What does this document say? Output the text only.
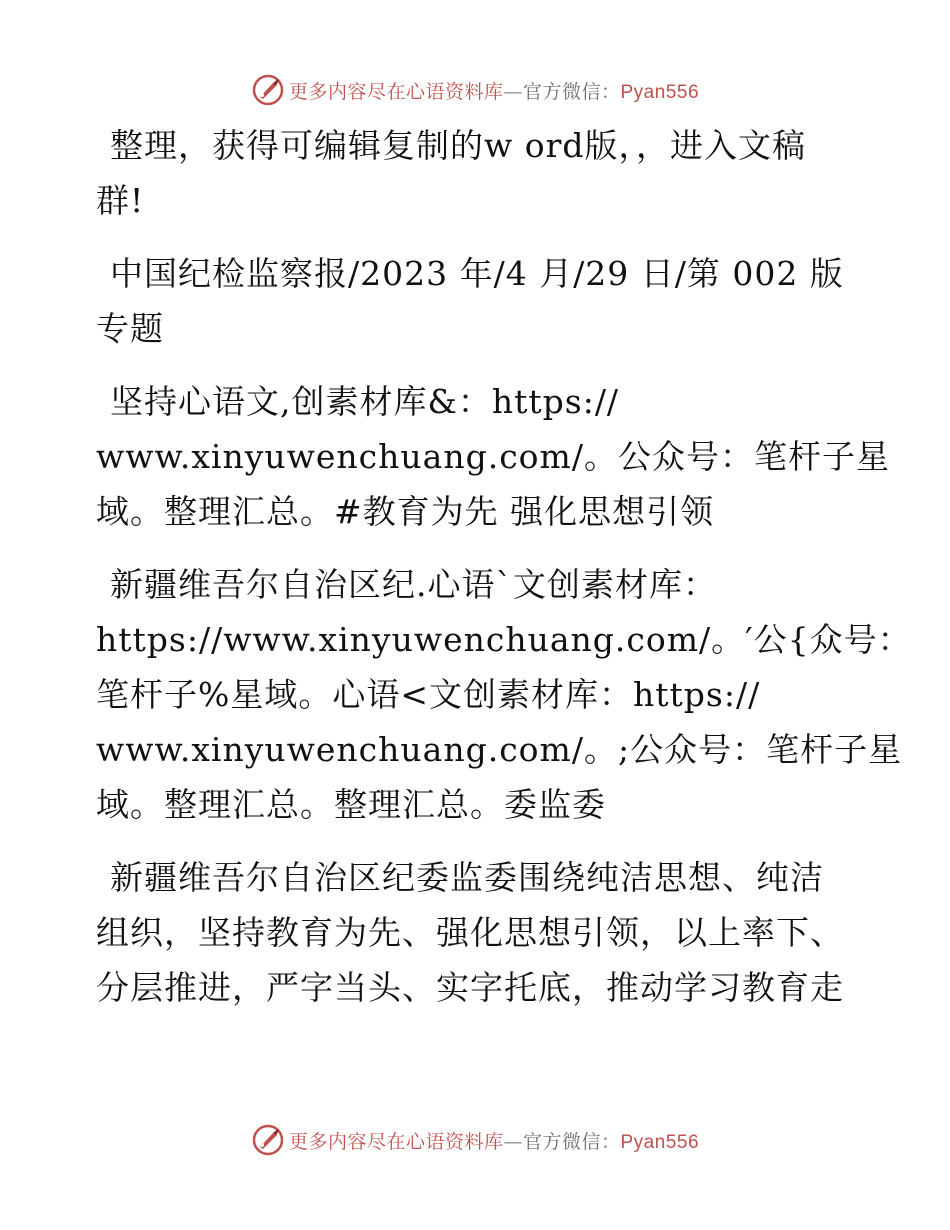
更多内容尽在心语资料库—官方微信：Pyan556
整理，获得可编辑复制的w ord版，，进入文稿
群!
中国纪检监察报/2023 年/4 月/29 日/第 002 版
专题
坚持心语文,创素材库&：https://
www.xinyuwenchuang.com/。公众号：笔杆子星
域。整理汇总。#教育为先 强化思想引领
新疆维吾尔自治区纪.心语`文创素材库：
https://www.xinyuwenchuang.com/。′公{众号：
笔杆子%星域。心语<文创素材库：https://
www.xinyuwenchuang.com/。;公众号：笔杆子星
域。整理汇总。整理汇总。委监委
新疆维吾尔自治区纪委监委围绕纯洁思想、纯洁
组织，坚持教育为先、强化思想引领，以上率下、
分层推进，严字当头、实字托底，推动学习教育走
更多内容尽在心语资料库—官方微信：Pyan556
